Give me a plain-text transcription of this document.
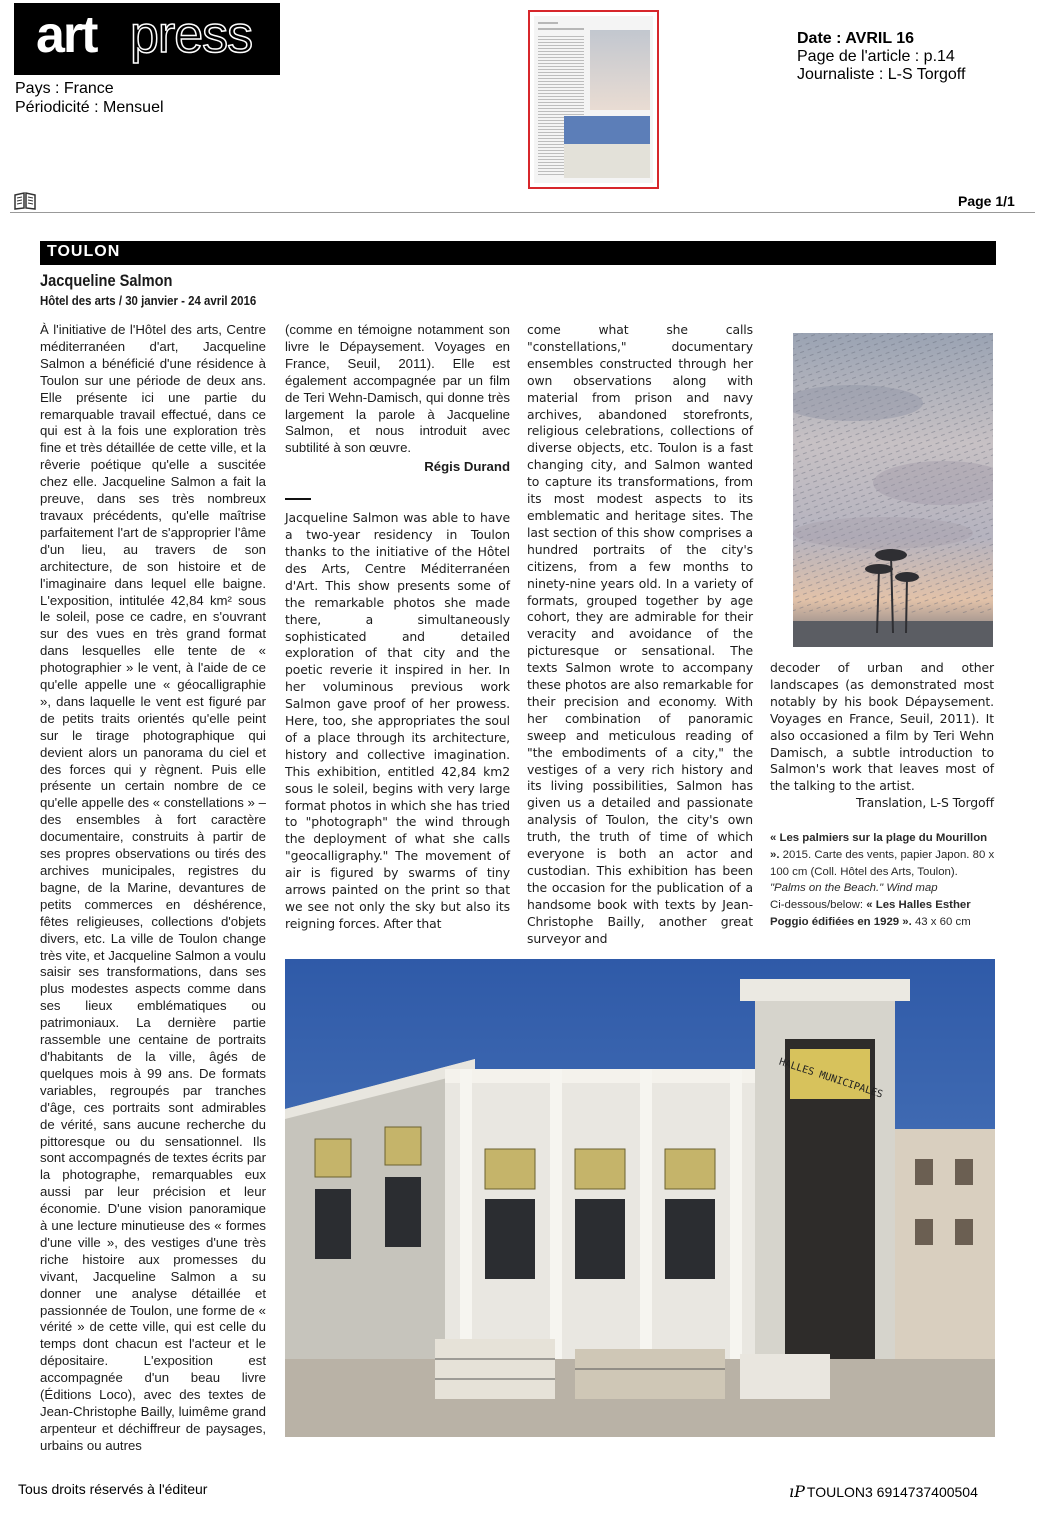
art press
Pays : France
Périodicité : Mensuel
Date : AVRIL 16
Page de l'article : p.14
Journaliste : L-S Torgoff
Page 1/1
TOULON
Jacqueline Salmon
Hôtel des arts / 30 janvier - 24 avril 2016

À l'initiative de l'Hôtel des arts, Centre méditerranéen d'art, Jacqueline Salmon a bénéficié d'une résidence à Toulon sur une période de deux ans. Elle présente ici une partie du remarquable travail effectué, dans ce qui est à la fois une exploration très fine et très détaillée de cette ville, et la rêverie poétique qu'elle a suscitée chez elle. Jacqueline Salmon a fait la preuve, dans ses très nombreux travaux précédents, qu'elle maîtrise parfaitement l'art de s'approprier l'âme d'un lieu, au travers de son architecture, de son histoire et de l'imaginaire dans lequel elle baigne. L'exposition, intitulée 42,84 km² sous le soleil, pose ce cadre, en s'ouvrant sur des vues en très grand format dans lesquelles elle tente de « photographier » le vent, à l'aide de ce qu'elle appelle une « géocalligraphie », dans laquelle le vent est figuré par de petits traits orientés qu'elle peint sur le tirage photographique qui devient alors un panorama du ciel et des forces qui y règnent. Puis elle présente un certain nombre de ce qu'elle appelle des « constellations » – des ensembles à fort caractère documentaire, construits à partir de ses propres observations ou tirés des archives municipales, registres du bagne, de la Marine, devantures de petits commerces en déshérence, fêtes religieuses, collections d'objets divers, etc. La ville de Toulon change très vite, et Jacqueline Salmon a voulu saisir ses transformations, dans ses plus modestes aspects comme dans ses lieux emblématiques ou patrimoniaux. La dernière partie rassemble une centaine de portraits d'habitants de la ville, âgés de quelques mois à 99 ans. De formats variables, regroupés par tranches d'âge, ces portraits sont admirables de vérité, sans aucune recherche du pittoresque ou du sensationnel. Ils sont accompagnés de textes écrits par la photographe, remarquables eux aussi par leur précision et leur économie. D'une vision panoramique à une lecture minutieuse des « formes d'une ville », des vestiges d'une très riche histoire aux promesses du vivant, Jacqueline Salmon a su donner une analyse détaillée et passionnée de Toulon, une forme de « vérité » de cette ville, qui est celle du temps dont chacun est l'acteur et le dépositaire. L'exposition est accompagnée d'un beau livre (Éditions Loco), avec des textes de Jean-Christophe Bailly, luimême grand arpenteur et déchiffreur de paysages, urbains ou autres

(comme en témoigne notamment son livre le Dépaysement. Voyages en France, Seuil, 2011). Elle est également accompagnée par un film de Teri Wehn-Damisch, qui donne très largement la parole à Jacqueline Salmon, et nous introduit avec subtilité à son œuvre.

Régis Durand

Jacqueline Salmon was able to have a two-year residency in Toulon thanks to the initiative of the Hôtel des Arts, Centre Méditerranéen d'Art. This show presents some of the remarkable photos she made there, a simultaneously sophisticated and detailed exploration of that city and the poetic reverie it inspired in her. In her voluminous previous work Salmon gave proof of her prowess. Here, too, she appropriates the soul of a place through its architecture, history and collective imagination. This exhibition, entitled 42,84 km2 sous le soleil, begins with very large format photos in which she has tried to "photograph" the wind through the deployment of what she calls "geocalligraphy." The movement of air is figured by swarms of tiny arrows painted on the print so that we see not only the sky but also its reigning forces. After that

come what she calls "constellations," documentary ensembles constructed through her own observations along with material from prison and navy archives, abandoned storefronts, religious celebrations, collections of diverse objects, etc. Toulon is a fast changing city, and Salmon wanted to capture its transformations, from its most modest aspects to its emblematic and heritage sites. The last section of this show comprises a hundred portraits of the city's citizens, from a few months to ninety-nine years old. In a variety of formats, grouped together by age cohort, they are admirable for their veracity and avoidance of the picturesque or sensational. The texts Salmon wrote to accompany these photos are also remarkable for their precision and economy. With her combination of panoramic sweep and meticulous reading of "the embodiments of a city," the vestiges of a very rich history and its living possibilities, Salmon has given us a detailed and passionate analysis of Toulon, the city's own truth, the truth of time of which everyone is both an actor and custodian. This exhibition has been the occasion for the publication of a handsome book with texts by Jean-Christophe Bailly, another great surveyor and

decoder of urban and other landscapes (as demonstrated most notably by his book Dépaysement. Voyages en France, Seuil, 2011). It also occasioned a film by Teri Wehn Damisch, a subtle introduction to Salmon's work that leaves most of the talking to the artist.

Translation, L-S Torgoff

« Les palmiers sur la plage du Mourillon ». 2015. Carte des vents, papier Japon. 80 x 100 cm (Coll. Hôtel des Arts, Toulon).
"Palms on the Beach." Wind map
Ci-dessous/below: « Les Halles Esther Poggio édifiées en 1929 ». 43 x 60 cm
HALLES MUNICIPALES
Tous droits réservés à l'éditeur	ıP TOULON3 6914737400504
